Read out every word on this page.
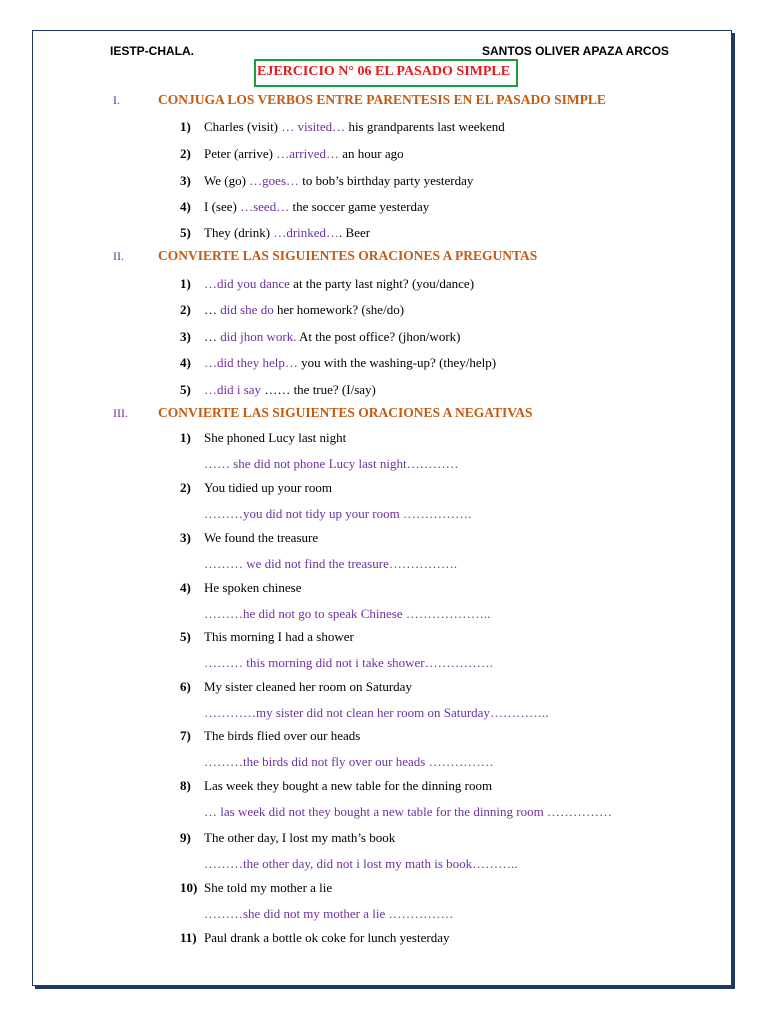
IESTP-CHALA.	SANTOS OLIVER APAZA ARCOS
EJERCICIO N° 06 EL PASADO SIMPLE
I.	CONJUGA LOS VERBOS ENTRE PARENTESIS EN EL PASADO SIMPLE
1) Charles (visit) … visited… his grandparents last weekend
2) Peter (arrive) …arrived… an hour ago
3) We (go) …goes… to bob’s birthday party yesterday
4) I (see) …seed… the soccer game yesterday
5) They (drink) …drinked…. Beer
II.	CONVIERTE LAS SIGUIENTES ORACIONES A PREGUNTAS
1) …did you dance at the party last night? (you/dance)
2) … did she do her homework? (she/do)
3) … did jhon work. At the post office? (jhon/work)
4) …did they help… you with the washing-up? (they/help)
5) …did i say …… the true? (I/say)
III. CONVIERTE LAS SIGUIENTES ORACIONES A NEGATIVAS
1) She phoned Lucy last night
…… she did not phone Lucy last night…………
2) You tidied up your room
………you did not tidy up your room …………….
3) We found the treasure
……… we did not find the treasure…………….
4) He spoken chinese
………he did not go to speak Chinese ………………..
5) This morning I had a shower
……… this morning did not i take shower…………….
6) My sister cleaned her room on Saturday
…………my sister did not clean her room on Saturday…………..
7) The birds flied over our heads
………the birds did not fly over our heads ……………
8) Las week they bought a new table for the dinning room
… las week did not they bought a new table for the dinning room ……………
9) The other day, I lost my math’s book
………the other day, did not i lost my math is book………..
10) She told my mother a lie
………she did not my mother a lie ……………
11) Paul drank a bottle ok coke for lunch yesterday
